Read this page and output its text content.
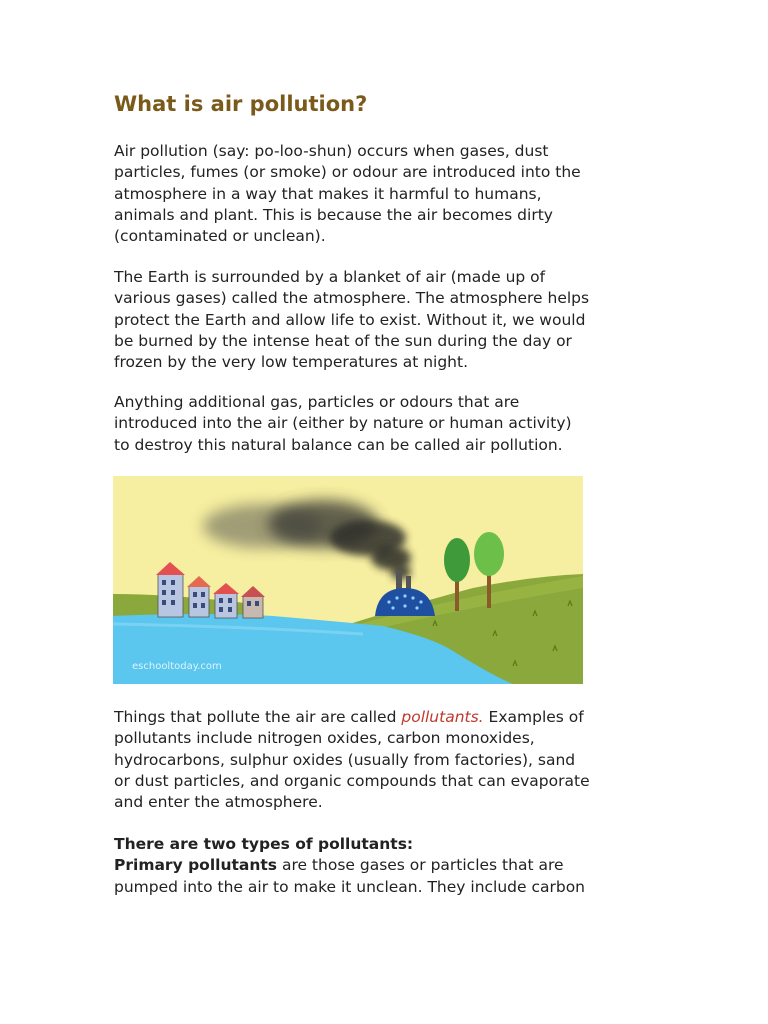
What is air pollution?

Air pollution (say: po-loo-shun) occurs when gases, dust
particles, fumes (or smoke) or odour are introduced into the
atmosphere in a way that makes it harmful to humans,
animals and plant. This is because the air becomes dirty
(contaminated or unclean).

The Earth is surrounded by a blanket of air (made up of
various gases) called the atmosphere. The atmosphere helps
protect the Earth and allow life to exist. Without it, we would
be burned by the intense heat of the sun during the day or
frozen by the very low temperatures at night.

Anything additional gas, particles or odours that are
introduced into the air (either by nature or human activity)
to destroy this natural balance can be called air pollution.

eschooltoday.com

Things that pollute the air are called pollutants. Examples of
pollutants include nitrogen oxides, carbon monoxides,
hydrocarbons, sulphur oxides (usually from factories), sand
or dust particles, and organic compounds that can evaporate
and enter the atmosphere.

There are two types of pollutants:
Primary pollutants are those gases or particles that are
pumped into the air to make it unclean. They include carbon
